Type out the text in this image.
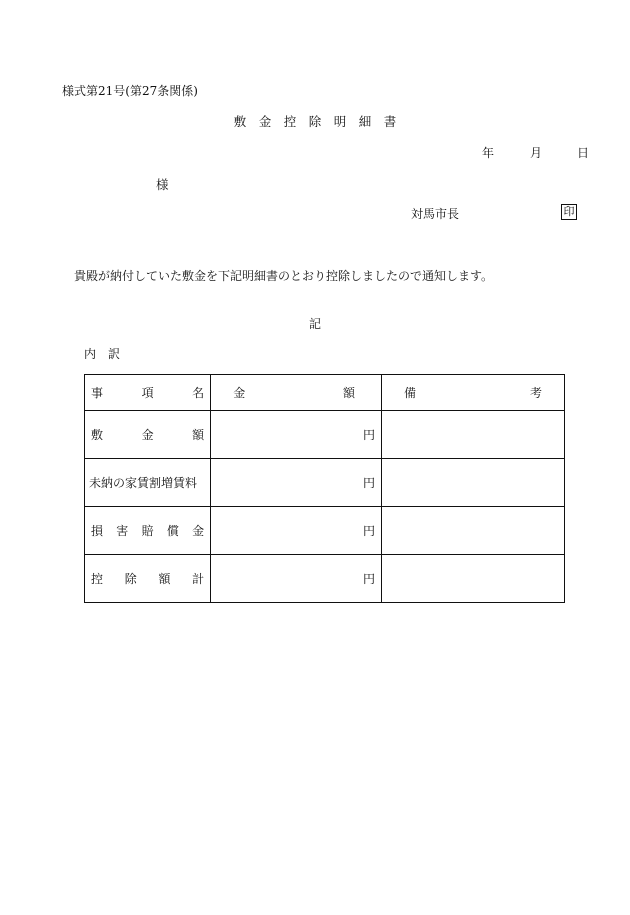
様式第21号(第27条関係)
敷　金　控　除　明　細　書
年	月	日
様
対馬市長	印
貴殿が納付していた敷金を下記明細書のとおり控除しましたので通知します。
記
内　訳
事 項 名	金 額	備 考

敷 金 額	円	
未納の家賃割増賃料	円	

損 害 賠 償 金	円	

控 除 額 計	円	
